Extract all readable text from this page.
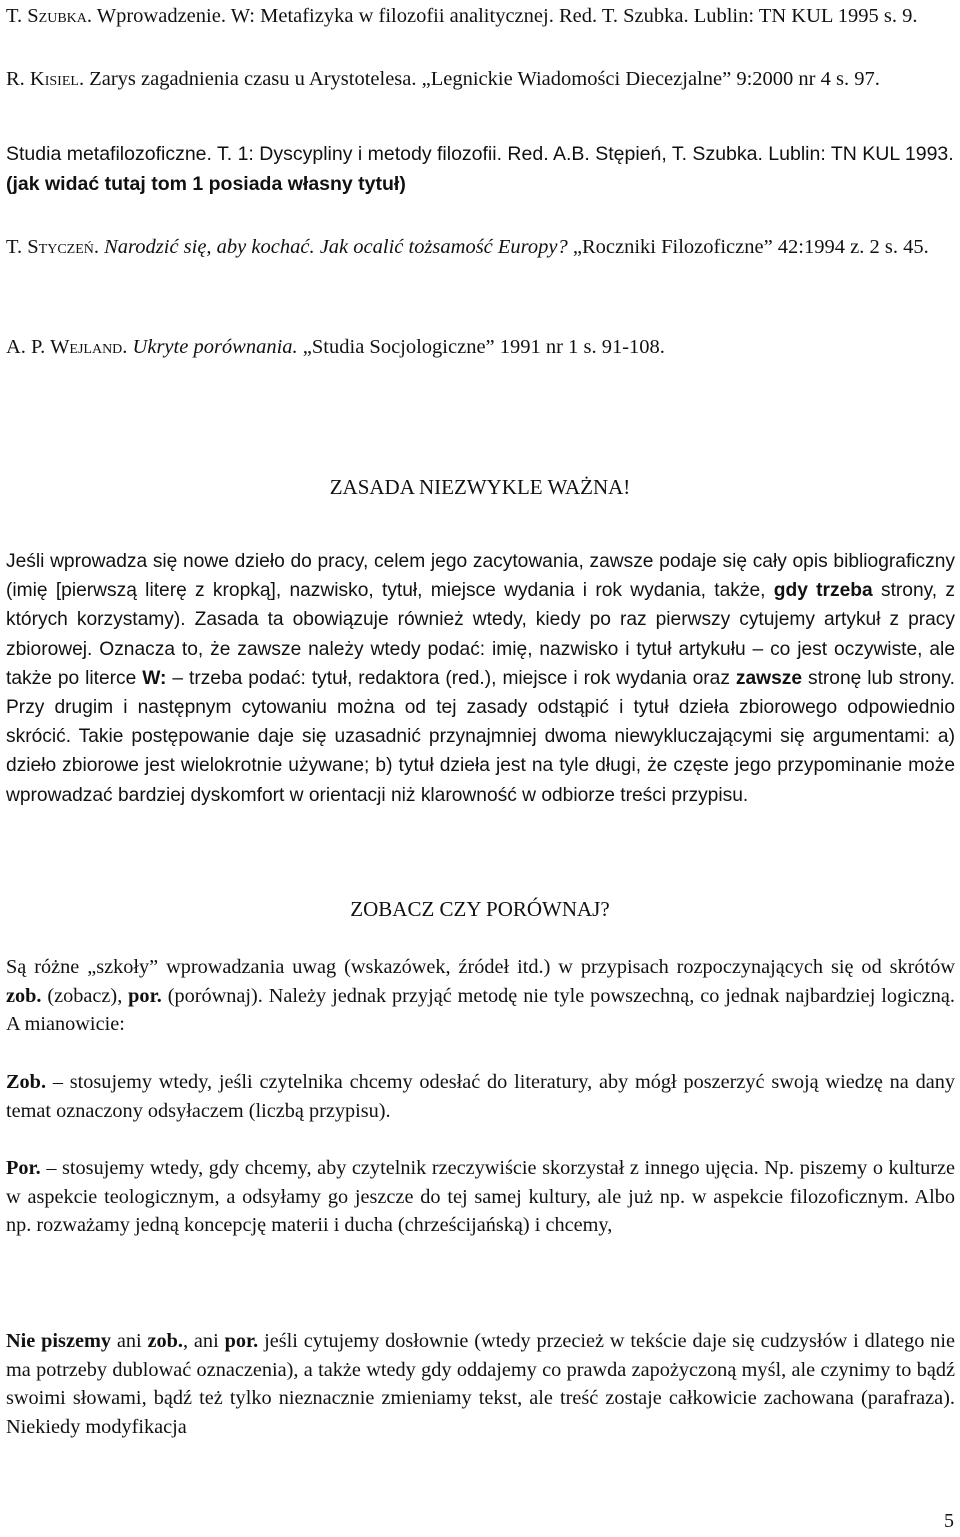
T. Szubka. Wprowadzenie. W: Metafizyka w filozofii analitycznej. Red. T. Szubka. Lublin: TN KUL 1995 s. 9.

R. Kisiel. Zarys zagadnienia czasu u Arystotelesa. „Legnickie Wiadomości Diecezjalne” 9:2000 nr 4 s. 97.

Studia metafilozoficzne. T. 1: Dyscypliny i metody filozofii. Red. A.B. Stępień, T. Szubka. Lublin: TN KUL 1993. (jak widać tutaj tom 1 posiada własny tytuł)

T. Styczeń. Narodzić się, aby kochać. Jak ocalić tożsamość Europy? „Roczniki Filozoficzne” 42:1994 z. 2 s. 45.

A. P. Wejland. Ukryte porównania. „Studia Socjologiczne” 1991 nr 1 s. 91-108.

ZASADA NIEZWYKLE WAŻNA!

Jeśli wprowadza się nowe dzieło do pracy, celem jego zacytowania, zawsze podaje się cały opis bibliograficzny (imię [pierwszą literę z kropką], nazwisko, tytuł, miejsce wydania i rok wydania, także, gdy trzeba strony, z których korzystamy). Zasada ta obowiązuje również wtedy, kiedy po raz pierwszy cytujemy artykuł z pracy zbiorowej. Oznacza to, że zawsze należy wtedy podać: imię, nazwisko i tytuł artykułu – co jest oczywiste, ale także po literce W: – trzeba podać: tytuł, redaktora (red.), miejsce i rok wydania oraz zawsze stronę lub strony. Przy drugim i następnym cytowaniu można od tej zasady odstąpić i tytuł dzieła zbiorowego odpowiednio skrócić. Takie postępowanie daje się uzasadnić przynajmniej dwoma niewykluczającymi się argumentami: a) dzieło zbiorowe jest wielokrotnie używane; b) tytuł dzieła jest na tyle długi, że częste jego przypominanie może wprowadzać bardziej dyskomfort w orientacji niż klarowność w odbiorze treści przypisu.

ZOBACZ CZY PORÓWNAJ?

Są różne „szkoły” wprowadzania uwag (wskazówek, źródeł itd.) w przypisach rozpoczynających się od skrótów zob. (zobacz), por. (porównaj). Należy jednak przyjąć metodę nie tyle powszechną, co jednak najbardziej logiczną. A mianowicie:

Zob. – stosujemy wtedy, jeśli czytelnika chcemy odesłać do literatury, aby mógł poszerzyć swoją wiedzę na dany temat oznaczony odsyłaczem (liczbą przypisu).

Por. – stosujemy wtedy, gdy chcemy, aby czytelnik rzeczywiście skorzystał z innego ujęcia. Np. piszemy o kulturze w aspekcie teologicznym, a odsyłamy go jeszcze do tej samej kultury, ale już np. w aspekcie filozoficznym. Albo np. rozważamy jedną koncepcję materii i ducha (chrześcijańską) i chcemy,

Nie piszemy ani zob., ani por. jeśli cytujemy dosłownie (wtedy przecież w tekście daje się cudzysłów i dlatego nie ma potrzeby dublować oznaczenia), a także wtedy gdy oddajemy co prawda zapożyczoną myśl, ale czynimy to bądź swoimi słowami, bądź też tylko nieznacznie zmieniamy tekst, ale treść zostaje całkowicie zachowana (parafraza). Niekiedy modyfikacja

5
